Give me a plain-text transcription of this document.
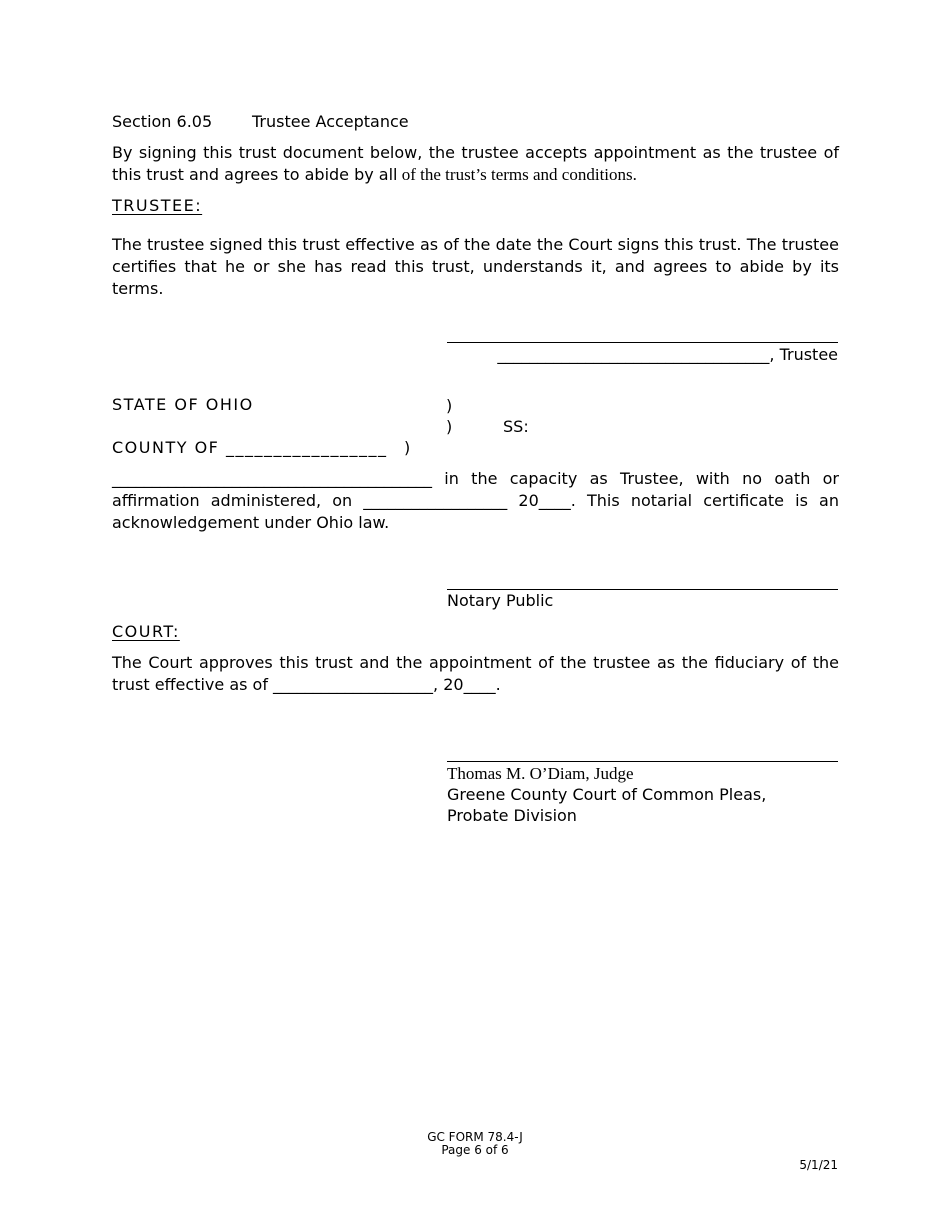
Section 6.05 Trustee Acceptance
By signing this trust document below, the trustee accepts appointment as the trustee of this trust and agrees to abide by all of the trust’s terms and conditions.
TRUSTEE:
The trustee signed this trust effective as of the date the Court signs this trust. The trustee certifies that he or she has read this trust, understands it, and agrees to abide by its terms.
__________________________________, Trustee
STATE OF OHIO	)
)	SS:
COUNTY OF _________________ )
________________________________________ in the capacity as Trustee, with no oath or affirmation administered, on __________________ 20____. This notarial certificate is an acknowledgement under Ohio law.
Notary Public
COURT:
The Court approves this trust and the appointment of the trustee as the fiduciary of the trust effective as of ____________________, 20____.
Thomas M. O’Diam, Judge
Greene County Court of Common Pleas,
Probate Division
GC FORM 78.4-J
Page 6 of 6
5/1/21
